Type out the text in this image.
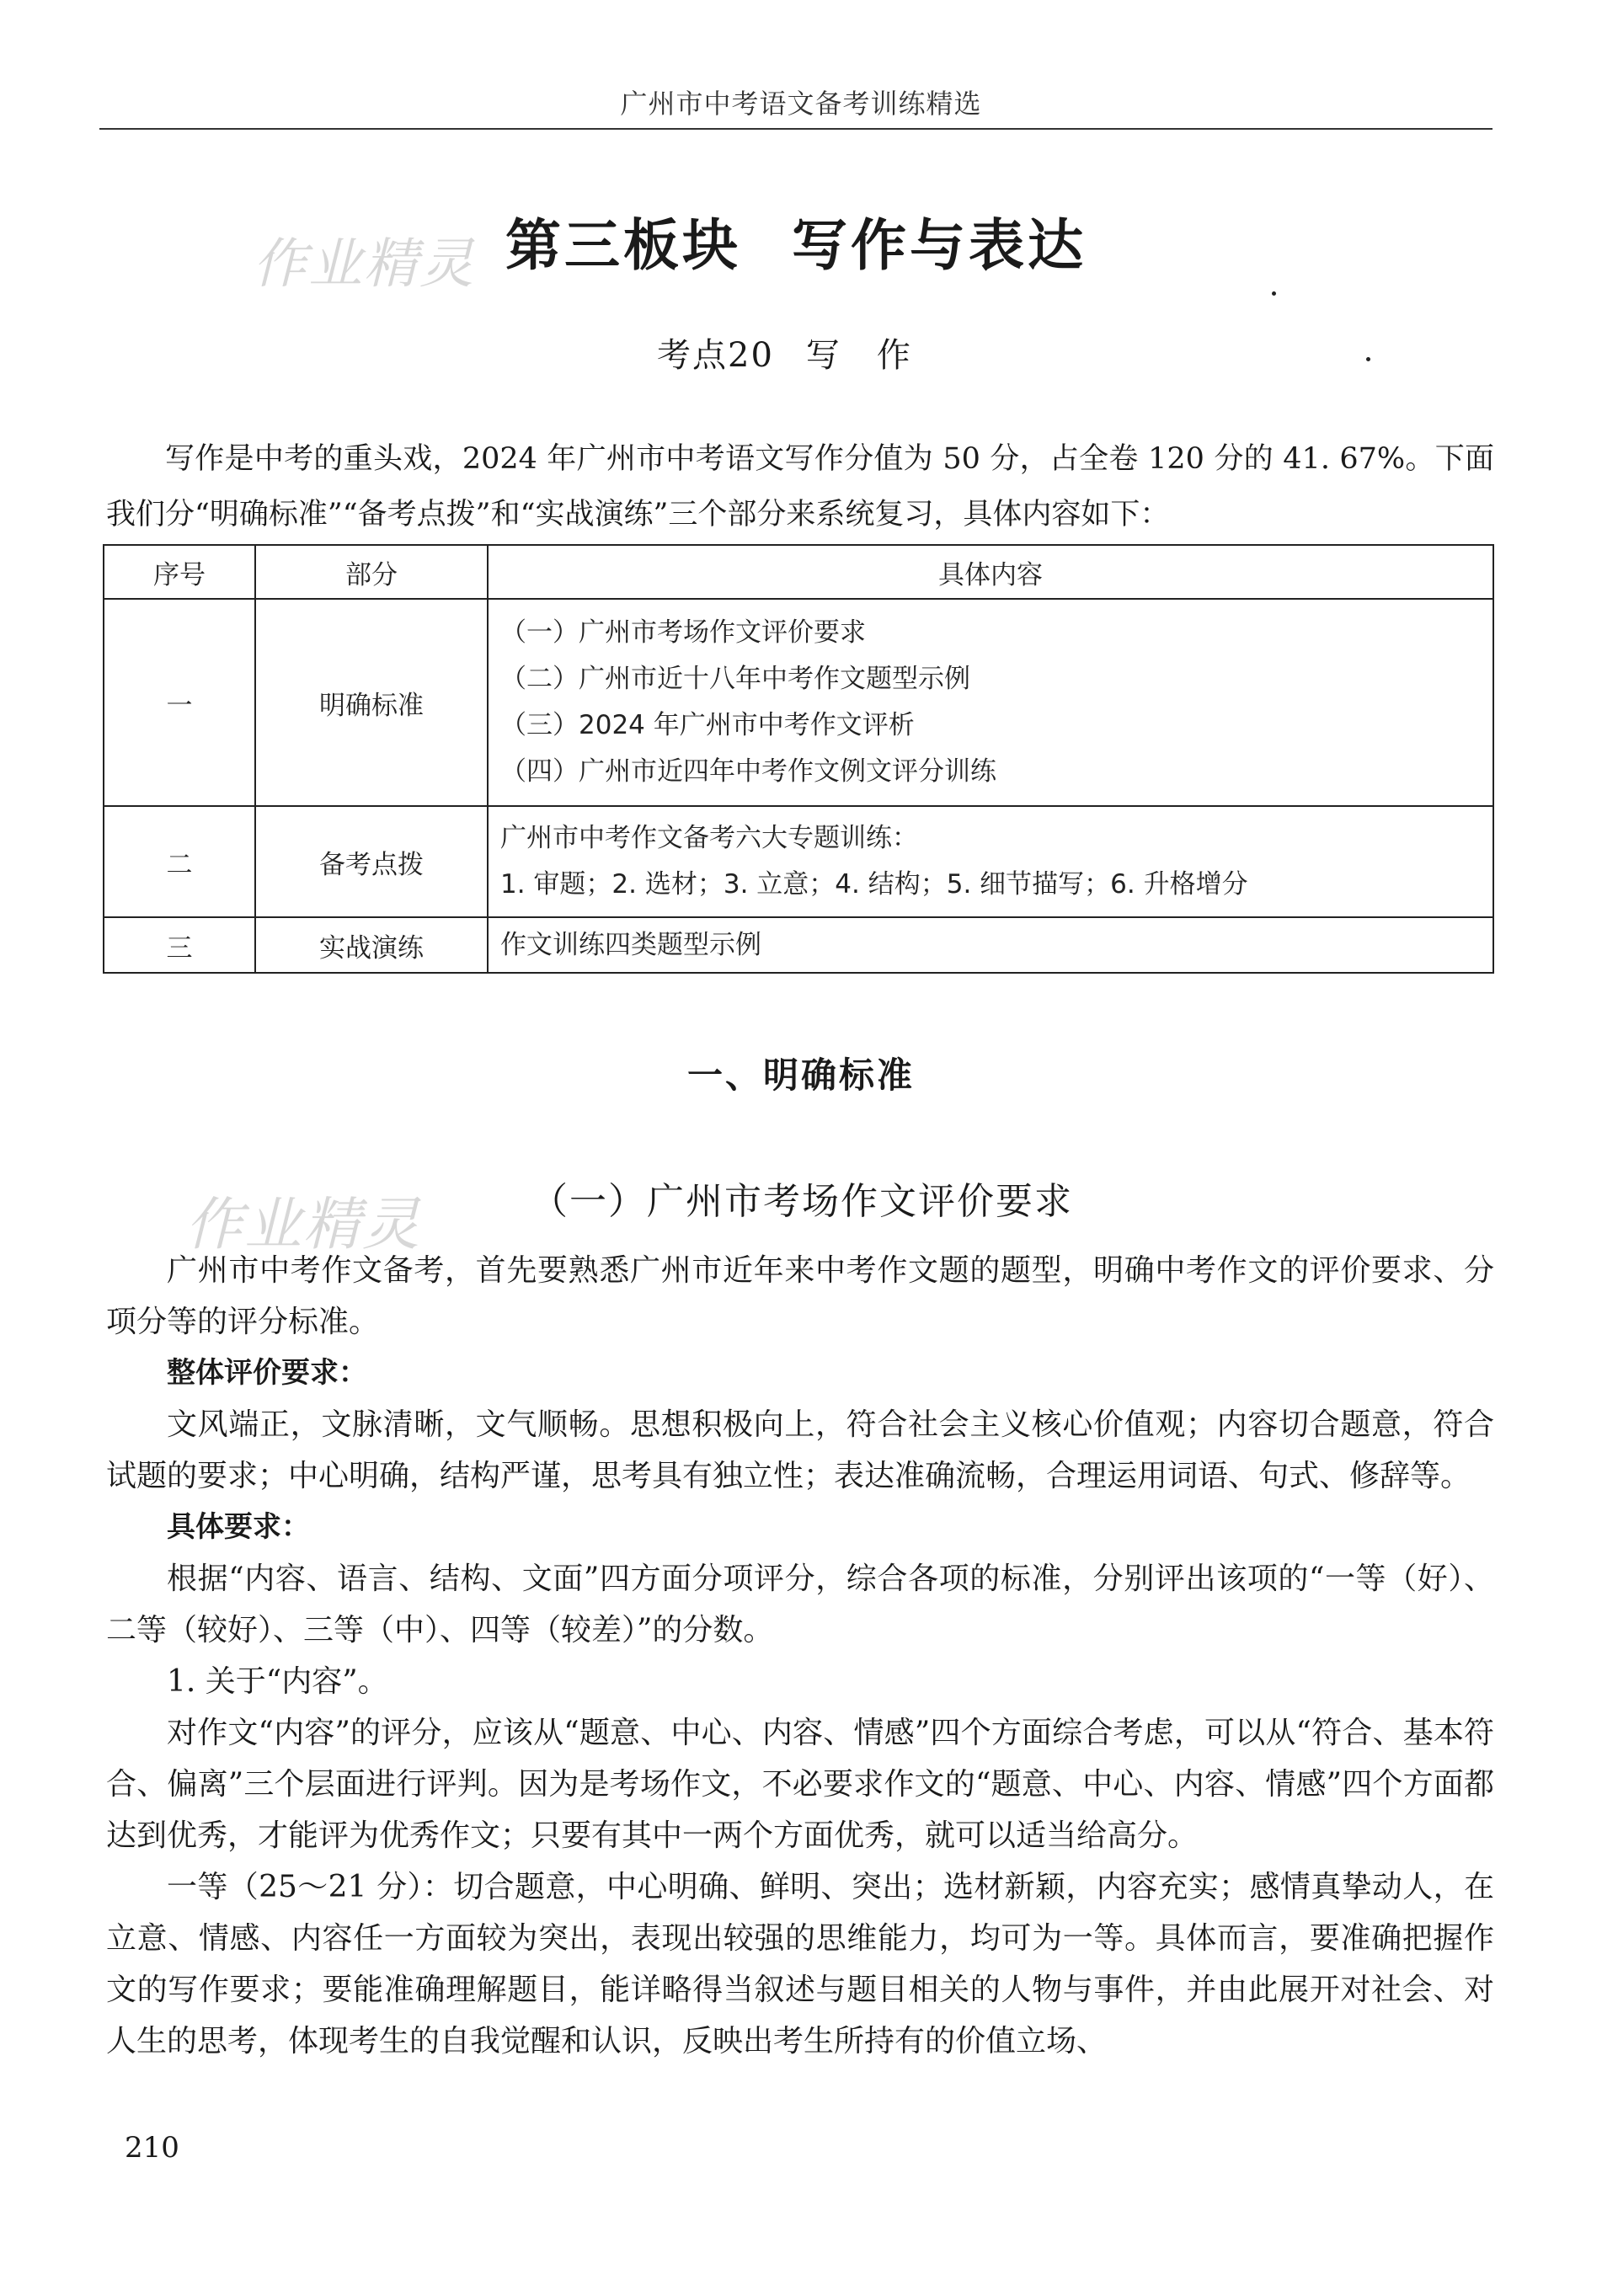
广州市中考语文备考训练精选
作业精灵
作业精灵
第三板块 写作与表达
考点20 写　作

写作是中考的重头戏，2024 年广州市中考语文写作分值为 50 分，占全卷 120 分的 41. 67%。下面我们分“明确标准”“备考点拨”和“实战演练”三个部分来系统复习，具体内容如下：

序号	部分	具体内容
一	明确标准	（一）广州市考场作文评价要求
（二）广州市近十八年中考作文题型示例
（三）2024 年广州市中考作文评析
（四）广州市近四年中考作文例文评分训练

二	备考点拨	广州市中考作文备考六大专题训练：
1. 审题；2. 选材；3. 立意；4. 结构；5. 细节描写；6. 升格增分

三	实战演练	作文训练四类题型示例
一、明确标准
（一）广州市考场作文评价要求

广州市中考作文备考，首先要熟悉广州市近年来中考作文题的题型，明确中考作文的评价要求、分项分等的评分标准。

整体评价要求：

文风端正，文脉清晰，文气顺畅。思想积极向上，符合社会主义核心价值观；内容切合题意，符合试题的要求；中心明确，结构严谨，思考具有独立性；表达准确流畅，合理运用词语、句式、修辞等。

具体要求：

根据“内容、语言、结构、文面”四方面分项评分，综合各项的标准，分别评出该项的“一等（好）、二等（较好）、三等（中）、四等（较差）”的分数。

1. 关于“内容”。

对作文“内容”的评分，应该从“题意、中心、内容、情感”四个方面综合考虑，可以从“符合、基本符合、偏离”三个层面进行评判。因为是考场作文，不必要求作文的“题意、中心、内容、情感”四个方面都达到优秀，才能评为优秀作文；只要有其中一两个方面优秀，就可以适当给高分。

一等（25～21 分）：切合题意，中心明确、鲜明、突出；选材新颖，内容充实；感情真挚动人，在立意、情感、内容任一方面较为突出，表现出较强的思维能力，均可为一等。具体而言，要准确把握作文的写作要求；要能准确理解题目，能详略得当叙述与题目相关的人物与事件，并由此展开对社会、对人生的思考，体现考生的自我觉醒和认识，反映出考生所持有的价值立场、

210
